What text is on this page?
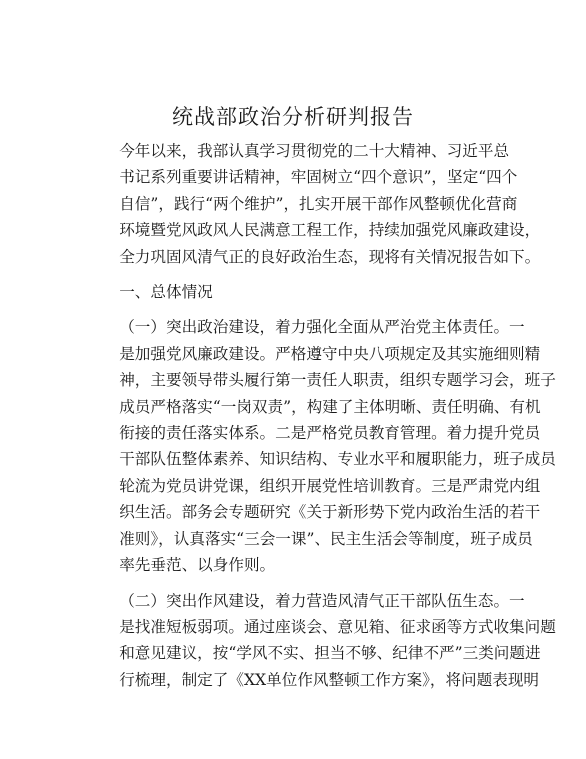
统战部政治分析研判报告

今年以来，我部认真学习贯彻党的二十大精神、习近平总
书记系列重要讲话精神，牢固树立“四个意识”，坚定“四个
自信”，践行“两个维护”，扎实开展干部作风整顿优化营商
环境暨党风政风人民满意工程工作，持续加强党风廉政建设，
全力巩固风清气正的良好政治生态，现将有关情况报告如下。

一、总体情况

（一）突出政治建设，着力强化全面从严治党主体责任。一
是加强党风廉政建设。严格遵守中央八项规定及其实施细则精
神，主要领导带头履行第一责任人职责，组织专题学习会，班子
成员严格落实“一岗双责”，构建了主体明晰、责任明确、有机
衔接的责任落实体系。二是严格党员教育管理。着力提升党员
干部队伍整体素养、知识结构、专业水平和履职能力，班子成员
轮流为党员讲党课，组织开展党性培训教育。三是严肃党内组
织生活。部务会专题研究《关于新形势下党内政治生活的若干
准则》，认真落实“三会一课”、民主生活会等制度，班子成员
率先垂范、以身作则。

（二）突出作风建设，着力营造风清气正干部队伍生态。一
是找准短板弱项。通过座谈会、意见箱、征求函等方式收集问题
和意见建议，按“学风不实、担当不够、纪律不严”三类问题进
行梳理，制定了《XX单位作风整顿工作方案》，将问题表现明
